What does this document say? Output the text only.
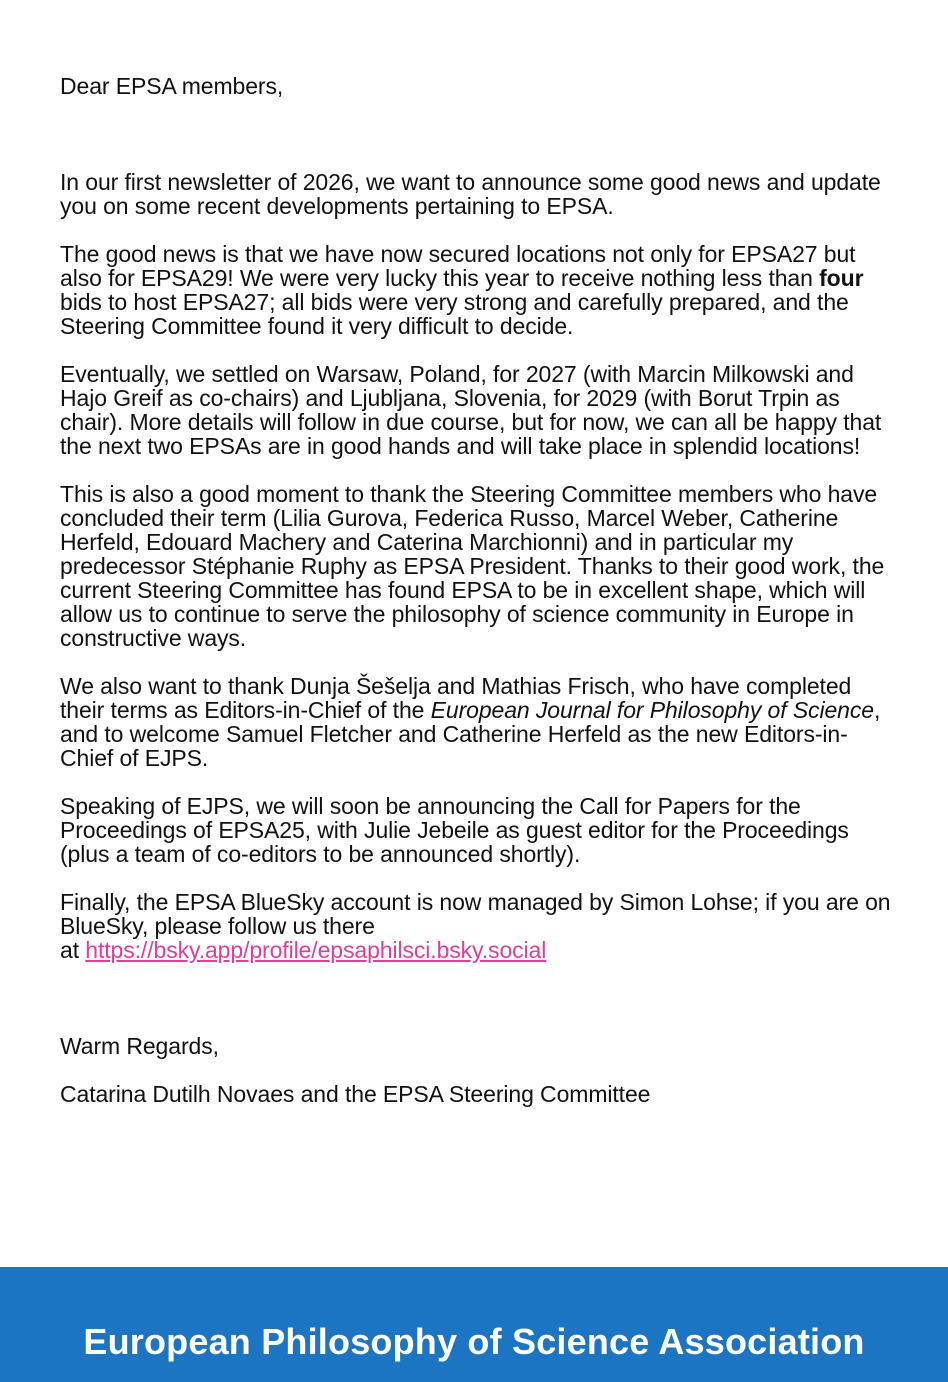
Dear EPSA members,

In our first newsletter of 2026, we want to announce some good news and update you on some recent developments pertaining to EPSA.

The good news is that we have now secured locations not only for EPSA27 but also for EPSA29! We were very lucky this year to receive nothing less than four bids to host EPSA27; all bids were very strong and carefully prepared, and the Steering Committee found it very difficult to decide.

Eventually, we settled on Warsaw, Poland, for 2027 (with Marcin Milkowski and Hajo Greif as co-chairs) and Ljubljana, Slovenia, for 2029 (with Borut Trpin as chair). More details will follow in due course, but for now, we can all be happy that the next two EPSAs are in good hands and will take place in splendid locations!

This is also a good moment to thank the Steering Committee members who have concluded their term (Lilia Gurova, Federica Russo, Marcel Weber, Catherine Herfeld, Edouard Machery and Caterina Marchionni) and in particular my predecessor Stéphanie Ruphy as EPSA President. Thanks to their good work, the current Steering Committee has found EPSA to be in excellent shape, which will allow us to continue to serve the philosophy of science community in Europe in constructive ways.

We also want to thank Dunja Šešelja and Mathias Frisch, who have completed their terms as Editors-in-Chief of the European Journal for Philosophy of Science, and to welcome Samuel Fletcher and Catherine Herfeld as the new Editors-in-Chief of EJPS.

Speaking of EJPS, we will soon be announcing the Call for Papers for the Proceedings of EPSA25, with Julie Jebeile as guest editor for the Proceedings (plus a team of co-editors to be announced shortly).

Finally, the EPSA BlueSky account is now managed by Simon Lohse; if you are on BlueSky, please follow us there
at https://bsky.app/profile/epsaphilsci.bsky.social

Warm Regards,

Catarina Dutilh Novaes and the EPSA Steering Committee

European Philosophy of Science Association
